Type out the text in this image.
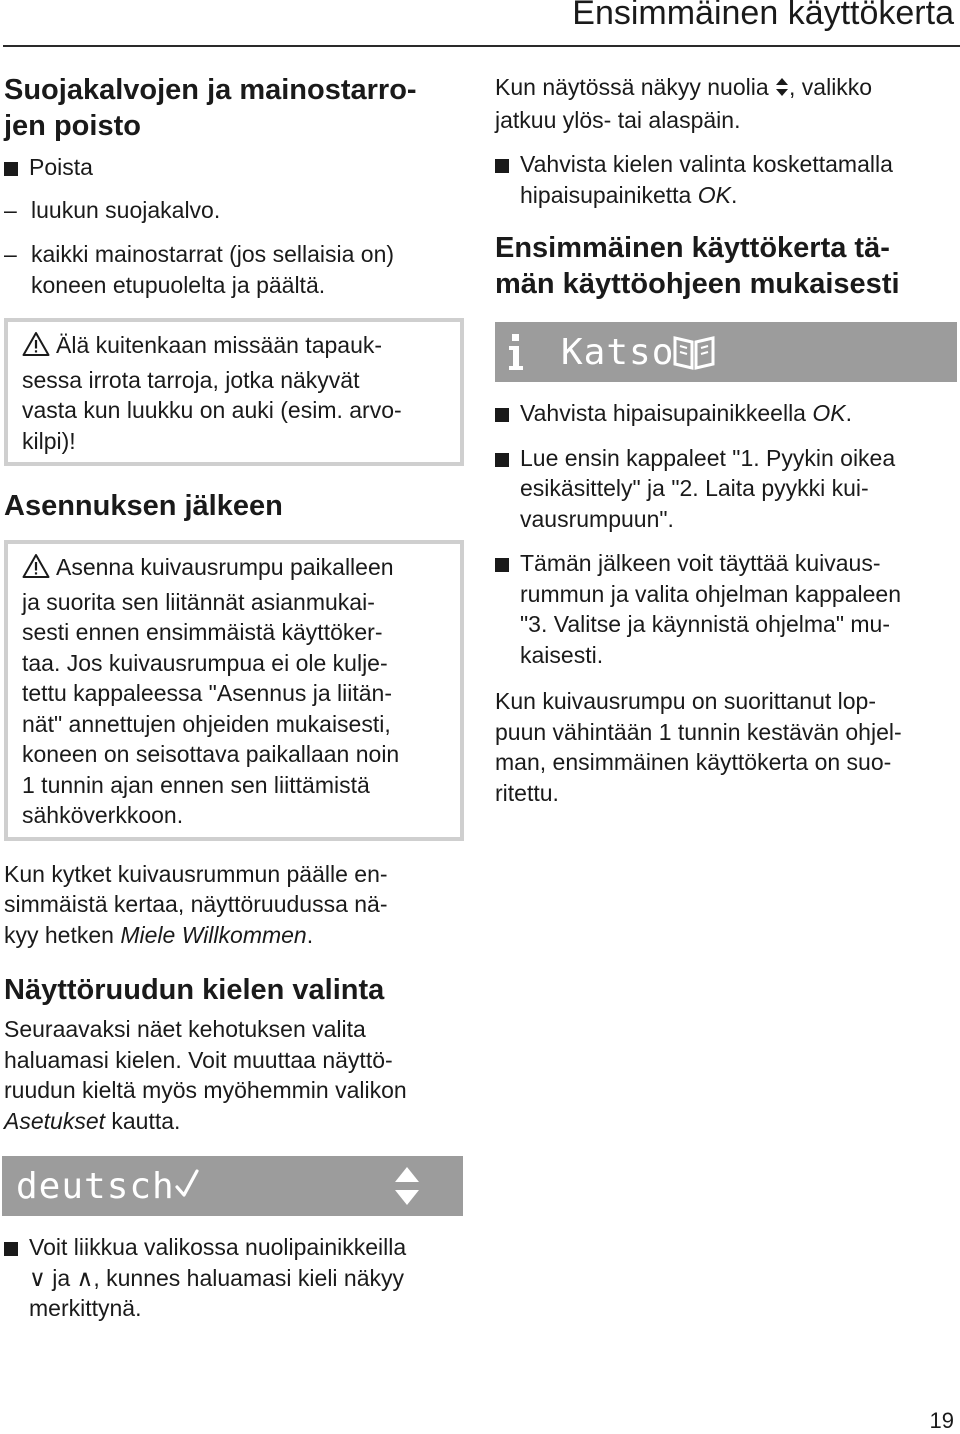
Ensimmäinen käyttökerta
Suojakalvojen ja mainostarro-
jen poisto
Poista
– luukun suojakalvo.
– kaikki mainostarrat (jos sellaisia on)
koneen etupuolelta ja päältä.
Älä kuitenkaan missään tapauk-
sessa irrota tarroja, jotka näkyvät
vasta kun luukku on auki (esim. arvo-
kilpi)!
Asennuksen jälkeen
Asenna kuivausrumpu paikalleen
ja suorita sen liitännät asianmukai-
sesti ennen ensimmäistä käyttöker-
taa. Jos kuivausrumpua ei ole kulje-
tettu kappaleessa "Asennus ja liitän-
nät" annettujen ohjeiden mukaisesti,
koneen on seisottava paikallaan noin
1 tunnin ajan ennen sen liittämistä
sähköverkkoon.
Kun kytket kuivausrummun päälle en-
simmäistä kertaa, näyttöruudussa nä-
kyy hetken Miele Willkommen.
Näyttöruudun kielen valinta
Seuraavaksi näet kehotuksen valita
haluamasi kielen. Voit muuttaa näyttö-
ruudun kieltä myös myöhemmin valikon
Asetukset kautta.
deutsch
Voit liikkua valikossa nuolipainikkeilla
∨ ja ∧, kunnes haluamasi kieli näkyy
merkittynä.
Kun näytössä näkyy nuolia , valikko
jatkuu ylös- tai alaspäin.
Vahvista kielen valinta koskettamalla
hipaisupainiketta OK.
Ensimmäinen käyttökerta tä-
män käyttöohjeen mukaisesti
Katso
Vahvista hipaisupainikkeella OK.
Lue ensin kappaleet "1. Pyykin oikea
esikäsittely" ja "2. Laita pyykki kui-
vausrumpuun".
Tämän jälkeen voit täyttää kuivaus-
rummun ja valita ohjelman kappaleen
"3. Valitse ja käynnistä ohjelma" mu-
kaisesti.
Kun kuivausrumpu on suorittanut lop-
puun vähintään 1 tunnin kestävän ohjel-
man, ensimmäinen käyttökerta on suo-
ritettu.
19
